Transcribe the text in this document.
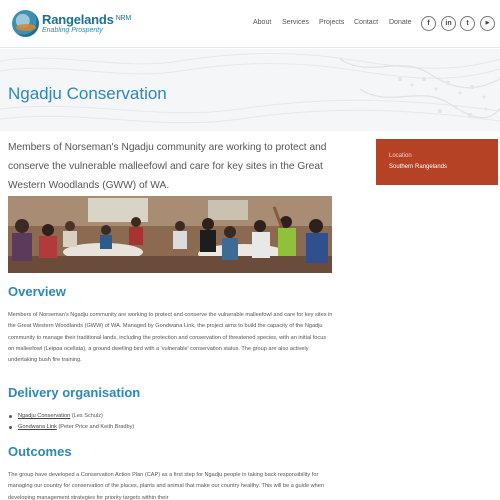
Rangelands $^{NRM}$
Enabling Prosperity
About Services Projects Contact Donate	f	in	t	▶
Ngadju Conservation

Members of Norseman's Ngadju community are working to protect and conserve the vulnerable malleefowl and care for key sites in the Great Western Woodlands (GWW) of WA.

Overview

Members of Norseman's Ngadju community are working to protect and conserve the vulnerable malleefowl and care for key sites in the Great Western Woodlands (GWW) of WA. Managed by Gondwana Link, the project aims to build the capacity of the Ngadju community to manage their traditional lands, including the protection and conservation of threatened species, with an initial focus on malleefowl (Leipoa ocellata), a ground dwelling bird with a 'vulnerable' conservation status. The group are also actively undertaking bush fire training.

Delivery organisation
Ngadju Conservation (Les Schulz)
Gondwana Link (Peter Price and Keith Bradby)
Outcomes

The group have developed a Conservation Action Plan (CAP) as a first step for Ngadju people in taking back responsibility for managing our country for conservation of the places, plants and animal that make our country healthy. This will be a guide when developing management strategies for priority targets within their

Location
Southern Rangelands
